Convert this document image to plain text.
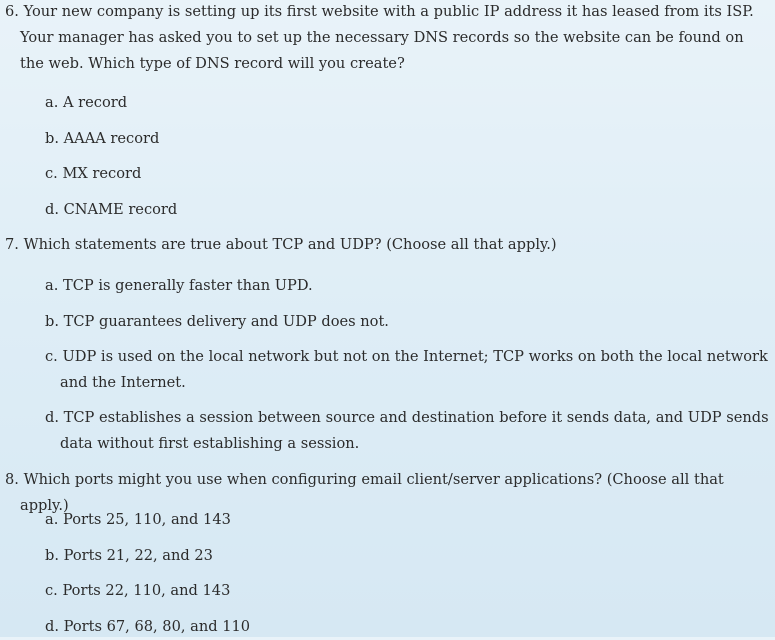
6. Your new company is setting up its first website with a public IP address it has leased from its ISP. Your manager has asked you to set up the necessary DNS records so the website can be found on the web. Which type of DNS record will you create?
a. A record
b. AAAA record
c. MX record
d. CNAME record
7. Which statements are true about TCP and UDP? (Choose all that apply.)
a. TCP is generally faster than UPD.
b. TCP guarantees delivery and UDP does not.
c. UDP is used on the local network but not on the Internet; TCP works on both the local network and the Internet.
d. TCP establishes a session between source and destination before it sends data, and UDP sends data without first establishing a session.
8. Which ports might you use when configuring email client/server applications? (Choose all that apply.)
a. Ports 25, 110, and 143
b. Ports 21, 22, and 23
c. Ports 22, 110, and 143
d. Ports 67, 68, 80, and 110
